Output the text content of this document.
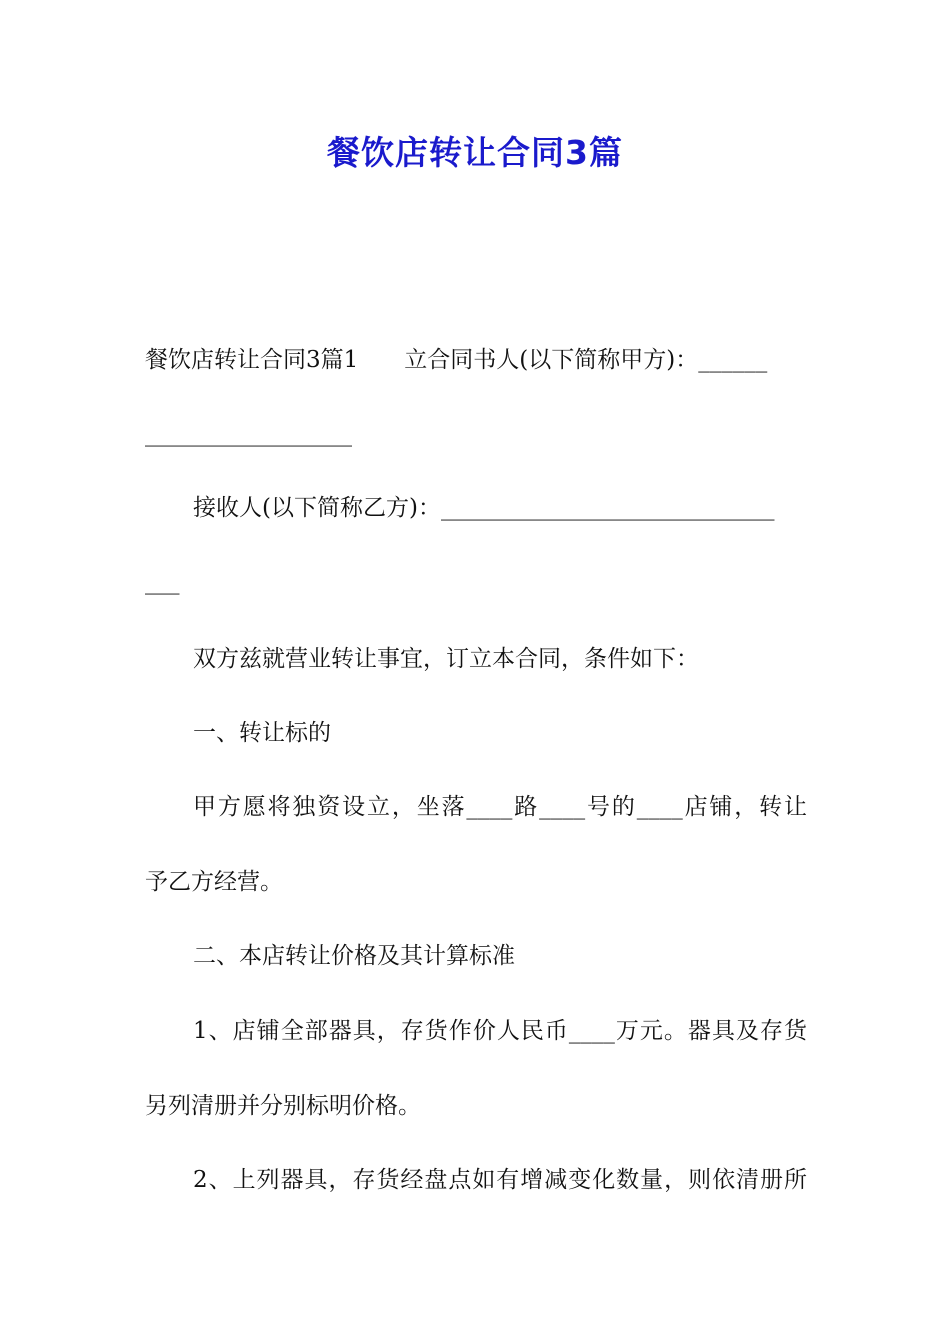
餐饮店转让合同3篇

餐饮店转让合同3篇1 立合同书人(以下简称甲方)：______

__________________

接收人(以下简称乙方)：_____________________________

___

双方兹就营业转让事宜，订立本合同，条件如下：

一、转让标的

甲方愿将独资设立，坐落____路____号的____店铺，转让

予乙方经营。

二、本店转让价格及其计算标准

1、店铺全部器具，存货作价人民币____万元。器具及存货

另列清册并分别标明价格。

2、上列器具，存货经盘点如有增减变化数量，则依清册所
